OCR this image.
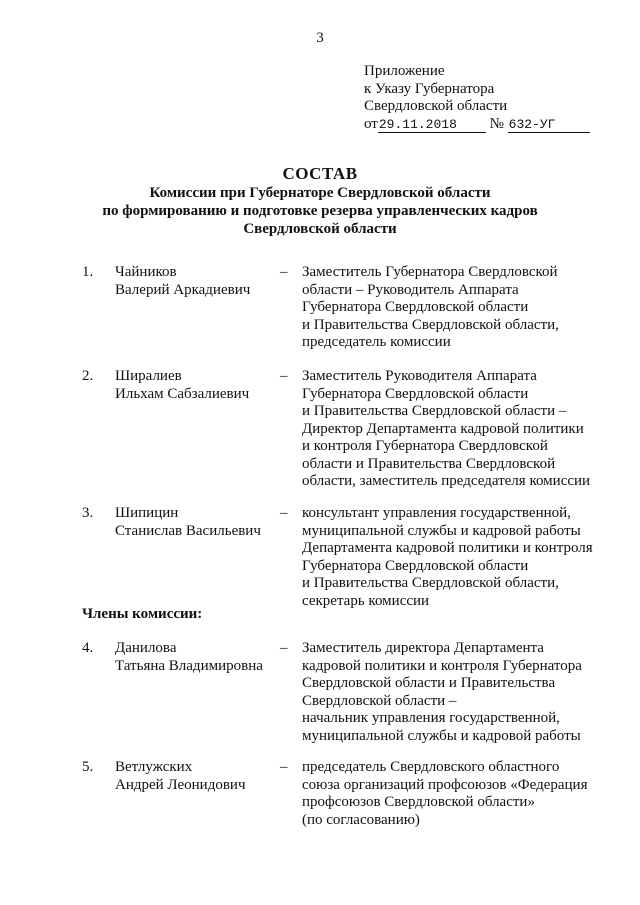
3
Приложение
к Указу Губернатора
Свердловской области
от29.11.2018 № 632-УГ
СОСТАВ
Комиссии при Губернаторе Свердловской области
по формированию и подготовке резерва управленческих кадров
Свердловской области
1. Чайников
Валерий Аркадиевич
– Заместитель Губернатора Свердловской
области – Руководитель Аппарата
Губернатора Свердловской области
и Правительства Свердловской области,
председатель комиссии
2. Ширалиев
Ильхам Сабзалиевич
– Заместитель Руководителя Аппарата
Губернатора Свердловской области
и Правительства Свердловской области –
Директор Департамента кадровой политики
и контроля Губернатора Свердловской
области и Правительства Свердловской
области, заместитель председателя комиссии
3. Шипицин
Станислав Васильевич
– консультант управления государственной,
муниципальной службы и кадровой работы
Департамента кадровой политики и контроля
Губернатора Свердловской области
и Правительства Свердловской области,
секретарь комиссии
Члены комиссии:
4. Данилова
Татьяна Владимировна
– Заместитель директора Департамента
кадровой политики и контроля Губернатора
Свердловской области и Правительства
Свердловской области –
начальник управления государственной,
муниципальной службы и кадровой работы
5. Ветлужских
Андрей Леонидович
– председатель Свердловского областного
союза организаций профсоюзов «Федерация
профсоюзов Свердловской области»
(по согласованию)
